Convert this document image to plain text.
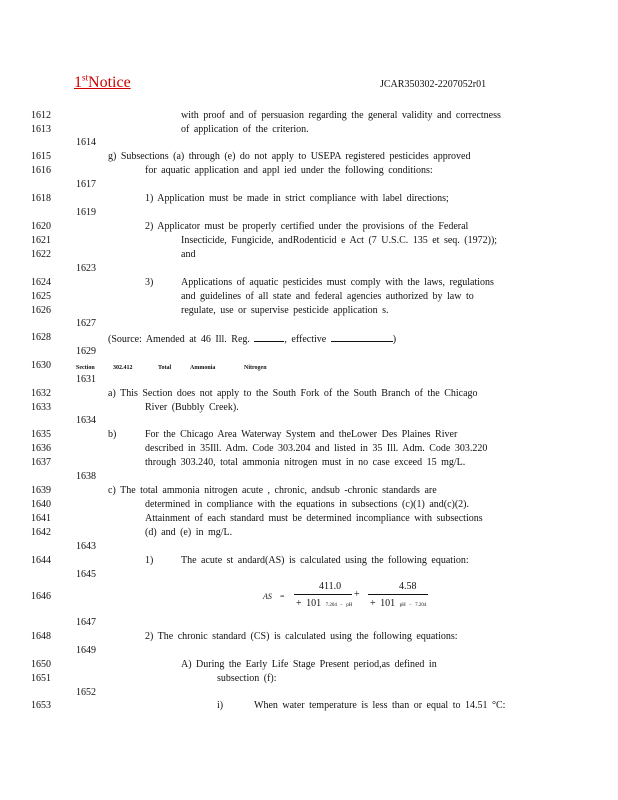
1stNotice	JCAR350302-2207052r01
1612
1613
1614
1615
1616
1617
1618
1619
1620
1621
1622
1623
1624
1625
1626
1627
1628
1629
1630
1631
1632
1633
1634
1635
1636
1637
1638
1639
1640
1641
1642
1643
1644
1645
1646
1647
1648
1649
1650
1651
1652
1653
with proof and of persuasion regarding the general validity and correctness
of application of the criterion.
g) Subsections (a) through (e) do not apply to USEPA registered pesticides approved
for aquatic application and appl ied under the following conditions:
1) Application must be made in strict compliance with label directions;
2) Applicator must be properly certified under the provisions of the Federal
Insecticide, Fungicide, andRodenticid e Act (7 U.S.C. 135 et seq. (1972));
and
3)	Applications of aquatic pesticides must comply with the laws, regulations
and guidelines of all state and federal agencies authorized by law to
regulate, use or supervise pesticide application s.
(Source: Amended at 46 Ill. Reg.	, effective	)
Section	302.412	Total	Ammonia	Nitrogen
a) This Section does not apply to the South Fork of the South Branch of the Chicago
River (Bubbly Creek).
b)	For the Chicago Area Waterway System and theLower Des Plaines River
described in 35Ill. Adm. Code 303.204 and listed in 35 Ill. Adm. Code 303.220
through 303.240, total ammonia nitrogen must in no case exceed 15 mg/L.
c) The total ammonia nitrogen acute , chronic, andsub -chronic standards are
determined in compliance with the equations in subsections (c)(1) and(c)(2).
Attainment of each standard must be determined incompliance with subsections
(d) and (e) in mg/L.
1)	The acute st andard(AS) is calculated using the following equation:
AS =
411.0
+ 101 7.204 − pH
+
4.58
+ 101 pH − 7.204
2) The chronic standard (CS) is calculated using the following equations:
A) During the Early Life Stage Present period,as defined in
subsection (f):
i)	When water temperature is less than or equal to 14.51 °C:
